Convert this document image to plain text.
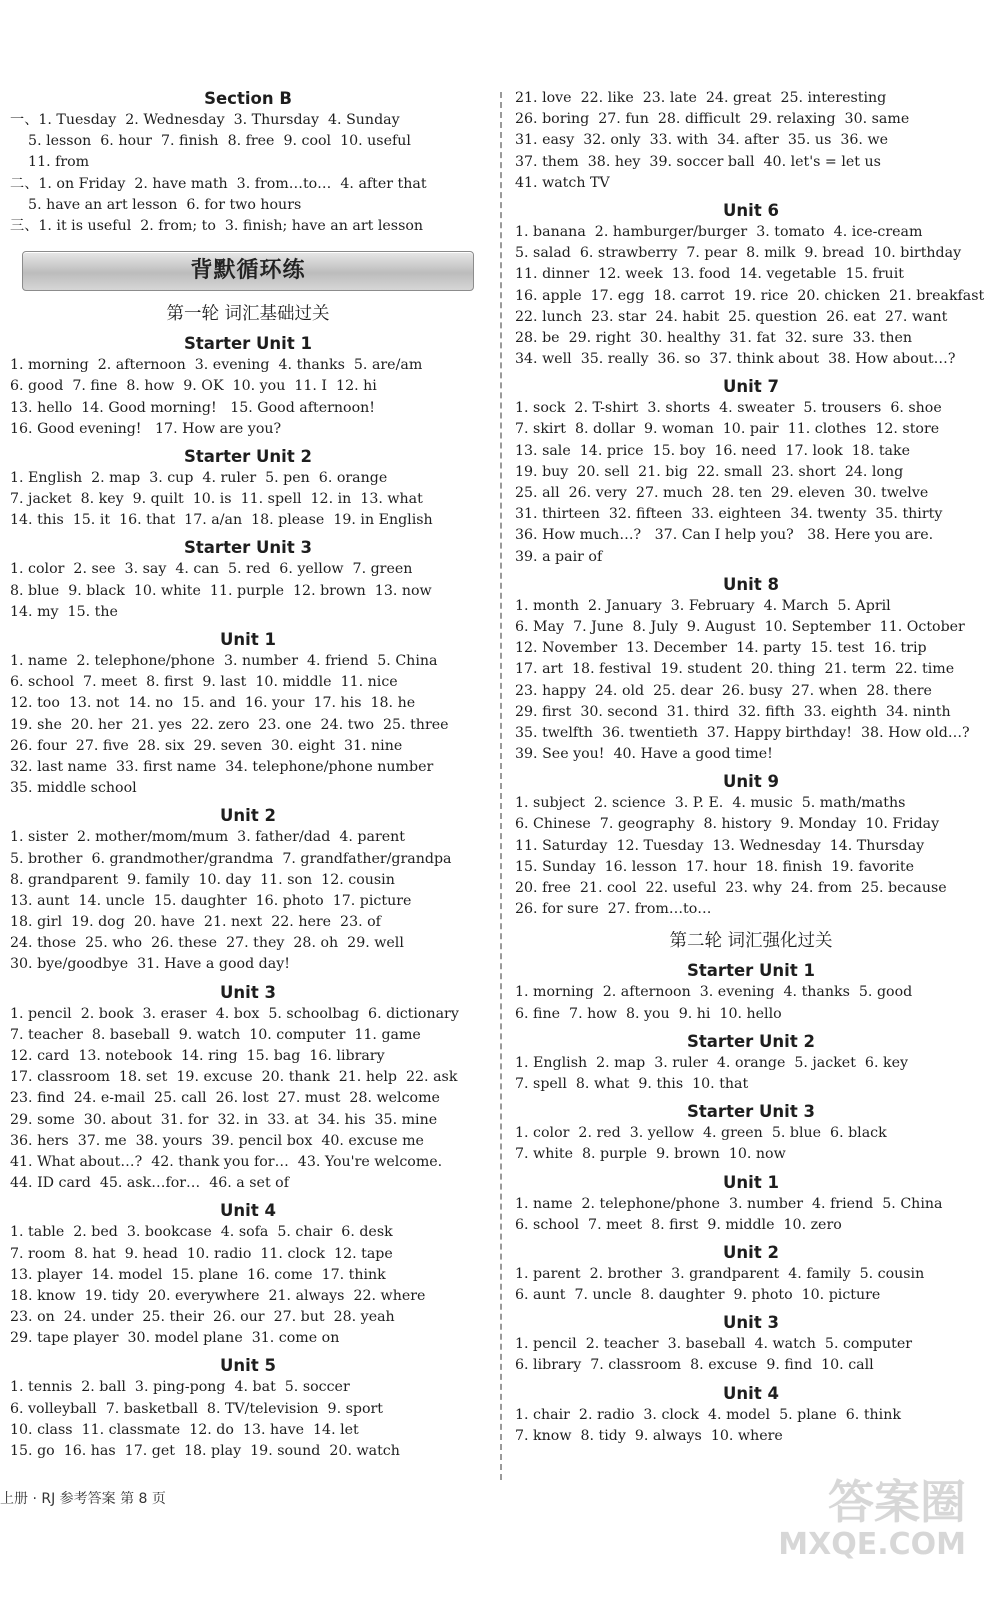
Section B
一、1. Tuesday  2. Wednesday  3. Thursday  4. Sunday
5. lesson  6. hour  7. finish  8. free  9. cool  10. useful
11. from
二、1. on Friday  2. have math  3. from…to…  4. after that
5. have an art lesson  6. for two hours
三、1. it is useful  2. from; to  3. finish; have an art lesson
背默循环练
第一轮 词汇基础过关
Starter Unit 1
1. morning  2. afternoon  3. evening  4. thanks  5. are/am
6. good  7. fine  8. how  9. OK  10. you  11. I  12. hi
13. hello  14. Good morning!   15. Good afternoon!
16. Good evening!   17. How are you?
Starter Unit 2
1. English  2. map  3. cup  4. ruler  5. pen  6. orange
7. jacket  8. key  9. quilt  10. is  11. spell  12. in  13. what
14. this  15. it  16. that  17. a/an  18. please  19. in English
Starter Unit 3
1. color  2. see  3. say  4. can  5. red  6. yellow  7. green
8. blue  9. black  10. white  11. purple  12. brown  13. now
14. my  15. the
Unit 1
1. name  2. telephone/phone  3. number  4. friend  5. China
6. school  7. meet  8. first  9. last  10. middle  11. nice
12. too  13. not  14. no  15. and  16. your  17. his  18. he
19. she  20. her  21. yes  22. zero  23. one  24. two  25. three
26. four  27. five  28. six  29. seven  30. eight  31. nine
32. last name  33. first name  34. telephone/phone number
35. middle school
Unit 2
1. sister  2. mother/mom/mum  3. father/dad  4. parent
5. brother  6. grandmother/grandma  7. grandfather/grandpa
8. grandparent  9. family  10. day  11. son  12. cousin
13. aunt  14. uncle  15. daughter  16. photo  17. picture
18. girl  19. dog  20. have  21. next  22. here  23. of
24. those  25. who  26. these  27. they  28. oh  29. well
30. bye/goodbye  31. Have a good day!
Unit 3
1. pencil  2. book  3. eraser  4. box  5. schoolbag  6. dictionary
7. teacher  8. baseball  9. watch  10. computer  11. game
12. card  13. notebook  14. ring  15. bag  16. library
17. classroom  18. set  19. excuse  20. thank  21. help  22. ask
23. find  24. e-mail  25. call  26. lost  27. must  28. welcome
29. some  30. about  31. for  32. in  33. at  34. his  35. mine
36. hers  37. me  38. yours  39. pencil box  40. excuse me
41. What about…?  42. thank you for…  43. You're welcome.
44. ID card  45. ask…for…  46. a set of
Unit 4
1. table  2. bed  3. bookcase  4. sofa  5. chair  6. desk
7. room  8. hat  9. head  10. radio  11. clock  12. tape
13. player  14. model  15. plane  16. come  17. think
18. know  19. tidy  20. everywhere  21. always  22. where
23. on  24. under  25. their  26. our  27. but  28. yeah
29. tape player  30. model plane  31. come on
Unit 5
1. tennis  2. ball  3. ping-pong  4. bat  5. soccer
6. volleyball  7. basketball  8. TV/television  9. sport
10. class  11. classmate  12. do  13. have  14. let
15. go  16. has  17. get  18. play  19. sound  20. watch
21. love  22. like  23. late  24. great  25. interesting
26. boring  27. fun  28. difficult  29. relaxing  30. same
31. easy  32. only  33. with  34. after  35. us  36. we
37. them  38. hey  39. soccer ball  40. let's = let us
41. watch TV
Unit 6
1. banana  2. hamburger/burger  3. tomato  4. ice-cream
5. salad  6. strawberry  7. pear  8. milk  9. bread  10. birthday
11. dinner  12. week  13. food  14. vegetable  15. fruit
16. apple  17. egg  18. carrot  19. rice  20. chicken  21. breakfast
22. lunch  23. star  24. habit  25. question  26. eat  27. want
28. be  29. right  30. healthy  31. fat  32. sure  33. then
34. well  35. really  36. so  37. think about  38. How about…?
Unit 7
1. sock  2. T-shirt  3. shorts  4. sweater  5. trousers  6. shoe
7. skirt  8. dollar  9. woman  10. pair  11. clothes  12. store
13. sale  14. price  15. boy  16. need  17. look  18. take
19. buy  20. sell  21. big  22. small  23. short  24. long
25. all  26. very  27. much  28. ten  29. eleven  30. twelve
31. thirteen  32. fifteen  33. eighteen  34. twenty  35. thirty
36. How much…?   37. Can I help you?   38. Here you are.
39. a pair of
Unit 8
1. month  2. January  3. February  4. March  5. April
6. May  7. June  8. July  9. August  10. September  11. October
12. November  13. December  14. party  15. test  16. trip
17. art  18. festival  19. student  20. thing  21. term  22. time
23. happy  24. old  25. dear  26. busy  27. when  28. there
29. first  30. second  31. third  32. fifth  33. eighth  34. ninth
35. twelfth  36. twentieth  37. Happy birthday!  38. How old…?
39. See you!  40. Have a good time!
Unit 9
1. subject  2. science  3. P. E.  4. music  5. math/maths
6. Chinese  7. geography  8. history  9. Monday  10. Friday
11. Saturday  12. Tuesday  13. Wednesday  14. Thursday
15. Sunday  16. lesson  17. hour  18. finish  19. favorite
20. free  21. cool  22. useful  23. why  24. from  25. because
26. for sure  27. from…to…
第二轮 词汇强化过关
Starter Unit 1
1. morning  2. afternoon  3. evening  4. thanks  5. good
6. fine  7. how  8. you  9. hi  10. hello
Starter Unit 2
1. English  2. map  3. ruler  4. orange  5. jacket  6. key
7. spell  8. what  9. this  10. that
Starter Unit 3
1. color  2. red  3. yellow  4. green  5. blue  6. black
7. white  8. purple  9. brown  10. now
Unit 1
1. name  2. telephone/phone  3. number  4. friend  5. China
6. school  7. meet  8. first  9. middle  10. zero
Unit 2
1. parent  2. brother  3. grandparent  4. family  5. cousin
6. aunt  7. uncle  8. daughter  9. photo  10. picture
Unit 3
1. pencil  2. teacher  3. baseball  4. watch  5. computer
6. library  7. classroom  8. excuse  9. find  10. call
Unit 4
1. chair  2. radio  3. clock  4. model  5. plane  6. think
7. know  8. tidy  9. always  10. where
上册 · RJ 参考答案 第 8 页	答案圈
MXQE.COM
